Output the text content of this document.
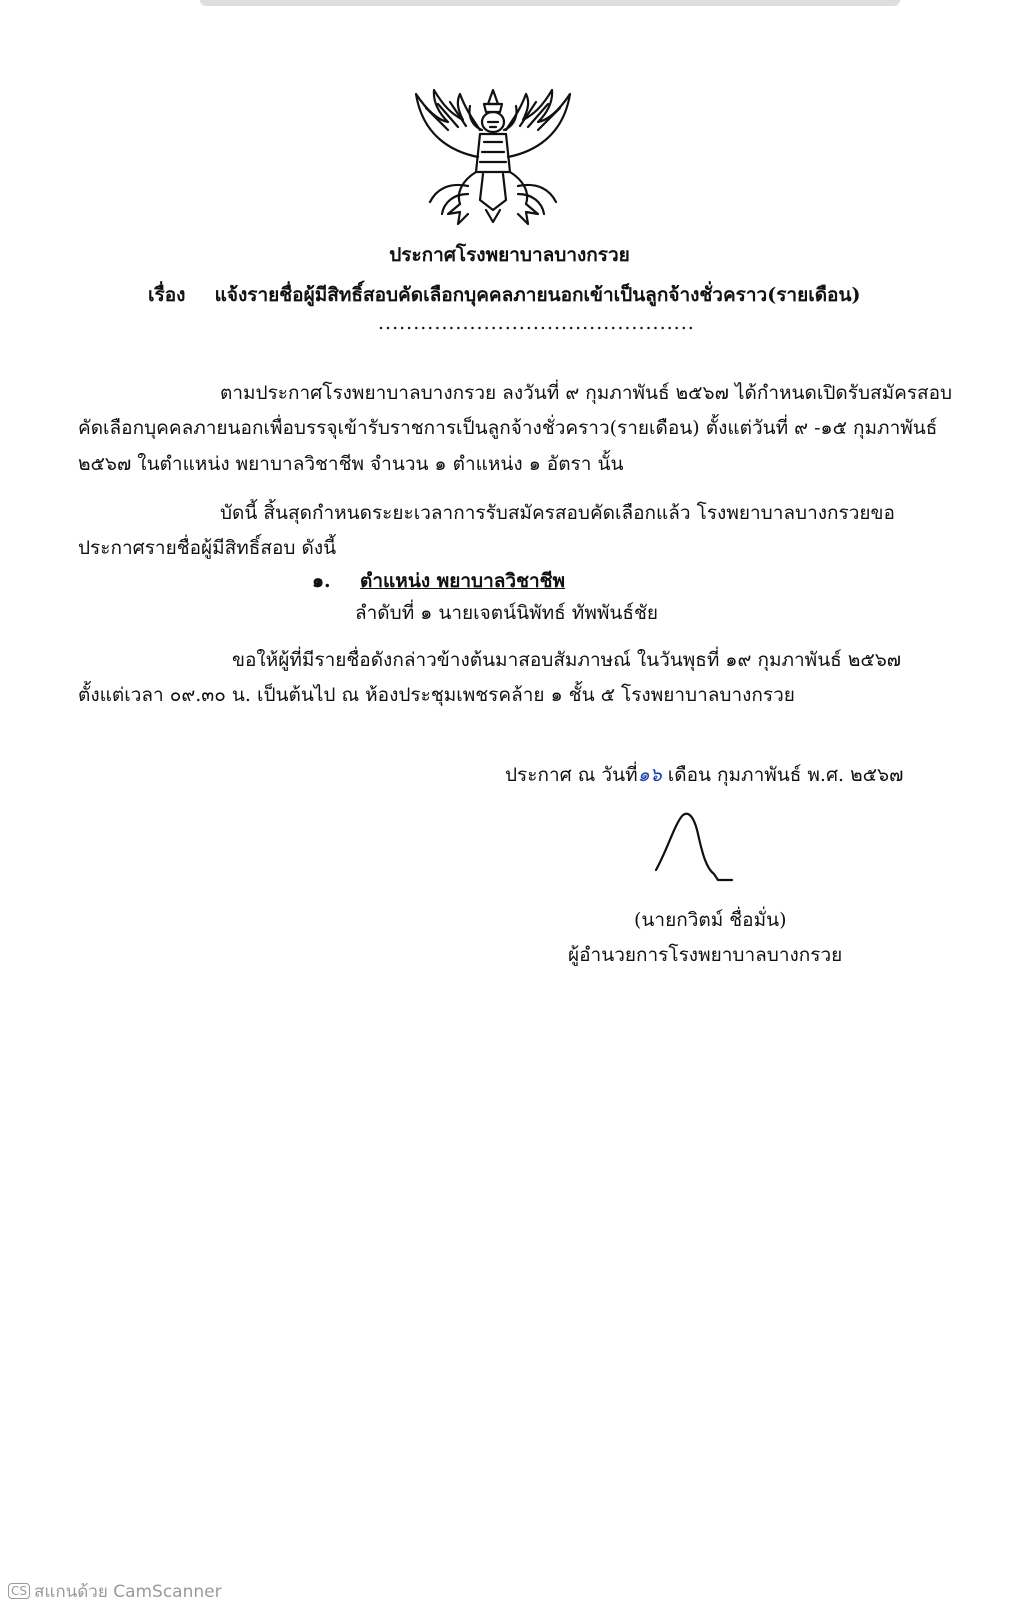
ประกาศโรงพยาบาลบางกรวย
เรื่อง แจ้งรายชื่อผู้มีสิทธิ์สอบคัดเลือกบุคคลภายนอกเข้าเป็นลูกจ้างชั่วคราว(รายเดือน)
.............................................
ตามประกาศโรงพยาบาลบางกรวย ลงวันที่ ๙ กุมภาพันธ์ ๒๕๖๗ ได้กำหนดเปิดรับสมัครสอบ
คัดเลือกบุคคลภายนอกเพื่อบรรจุเข้ารับราชการเป็นลูกจ้างชั่วคราว(รายเดือน) ตั้งแต่วันที่ ๙ -๑๕ กุมภาพันธ์
๒๕๖๗ ในตำแหน่ง พยาบาลวิชาชีพ จำนวน ๑ ตำแหน่ง ๑ อัตรา นั้น
บัดนี้ สิ้นสุดกำหนดระยะเวลาการรับสมัครสอบคัดเลือกแล้ว โรงพยาบาลบางกรวยขอ
ประกาศรายชื่อผู้มีสิทธิ์สอบ ดังนี้
๑. ตำแหน่ง พยาบาลวิชาชีพ
ลำดับที่ ๑ นายเจตน์นิพัทธ์ ทัพพันธ์ชัย
ขอให้ผู้ที่มีรายชื่อดังกล่าวข้างต้นมาสอบสัมภาษณ์ ในวันพุธที่ ๑๙ กุมภาพันธ์ ๒๕๖๗
ตั้งแต่เวลา ๐๙.๓๐ น. เป็นต้นไป ณ ห้องประชุมเพชรคล้าย ๑ ชั้น ๕ โรงพยาบาลบางกรวย
ประกาศ ณ วันที่๑๖ เดือน กุมภาพันธ์ พ.ศ. ๒๕๖๗
(นายกวิตม์ ชื่อมั่น)
ผู้อำนวยการโรงพยาบาลบางกรวย
CS สแกนด้วย CamScanner
